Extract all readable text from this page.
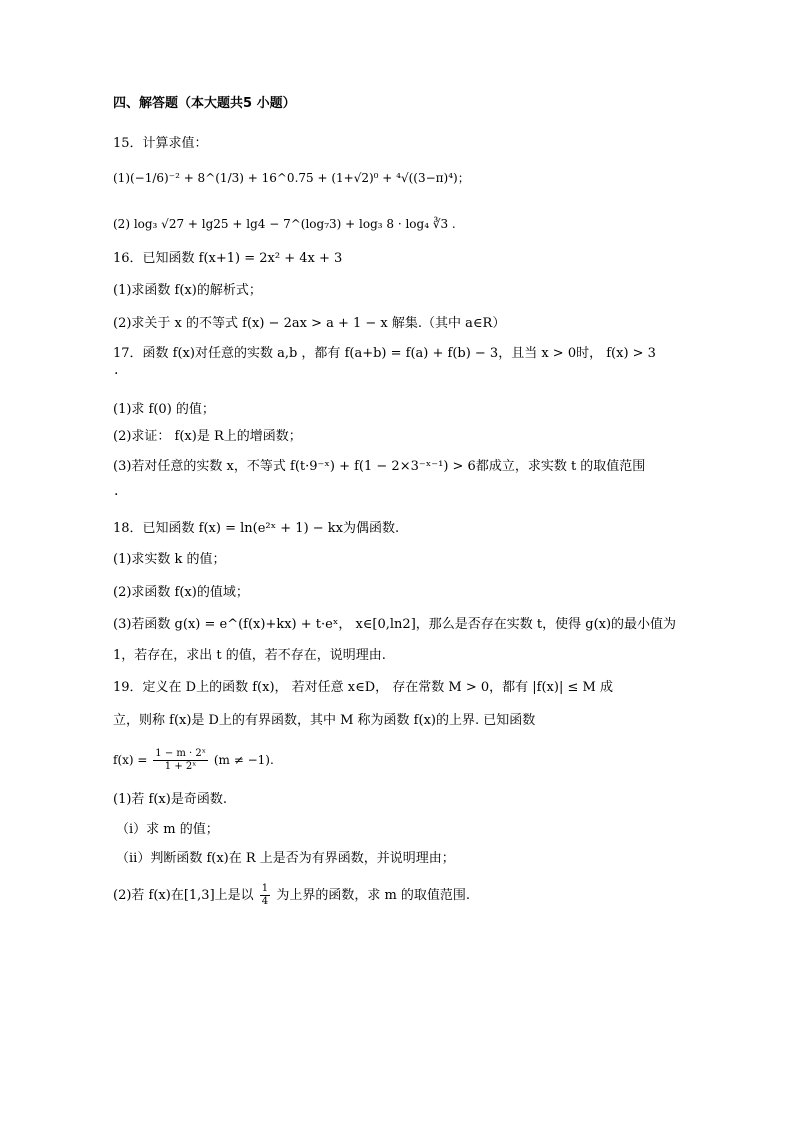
四、解答题（本大题共5 小题）
15．计算求值：
(1)(−1/6)⁻² + 8^(1/3) + 16^0.75 + (1+√2)⁰ + ⁴√((3−π)⁴)；
(2) log₃ √27 + lg25 + lg4 − 7^(log₇3) + log₃ 8 · log₄ ∛3 .
16．已知函数 f(x+1) = 2x² + 4x + 3
(1)求函数 f(x)的解析式；
(2)求关于 x 的不等式 f(x) − 2ax > a + 1 − x 解集.（其中 a∈R）
17．函数 f(x)对任意的实数 a,b ，都有 f(a+b) = f(a) + f(b) − 3，且当 x > 0时， f(x) > 3
.
(1)求 f(0) 的值；
(2)求证： f(x)是 R上的增函数；
(3)若对任意的实数 x，不等式 f(t·9⁻ˣ) + f(1 − 2×3⁻ˣ⁻¹) > 6都成立，求实数 t 的取值范围
.
18．已知函数 f(x) = ln(e²ˣ + 1) − kx为偶函数.
(1)求实数 k 的值；
(2)求函数 f(x)的值域；
(3)若函数 g(x) = e^(f(x)+kx) + t·eˣ， x∈[0,ln2]，那么是否存在实数 t，使得 g(x)的最小值为
1，若存在，求出 t 的值，若不存在，说明理由.
19．定义在 D上的函数 f(x)， 若对任意 x∈D， 存在常数 M > 0，都有 |f(x)| ≤ M 成
立，则称 f(x)是 D上的有界函数，其中 M 称为函数 f(x)的上界. 已知函数
$f(x) = \frac{\text{1 − m · 2ˣ}}{\text{1 + 2ˣ}} (m \ne -1)$.
(1)若 f(x)是奇函数.
（i）求 m 的值；
（ii）判断函数 f(x)在 R 上是否为有界函数，并说明理由；
(2)若 f(x)在[1,3]上是以 $\frac{1}{4}$ 为上界的函数，求 m 的取值范围.
